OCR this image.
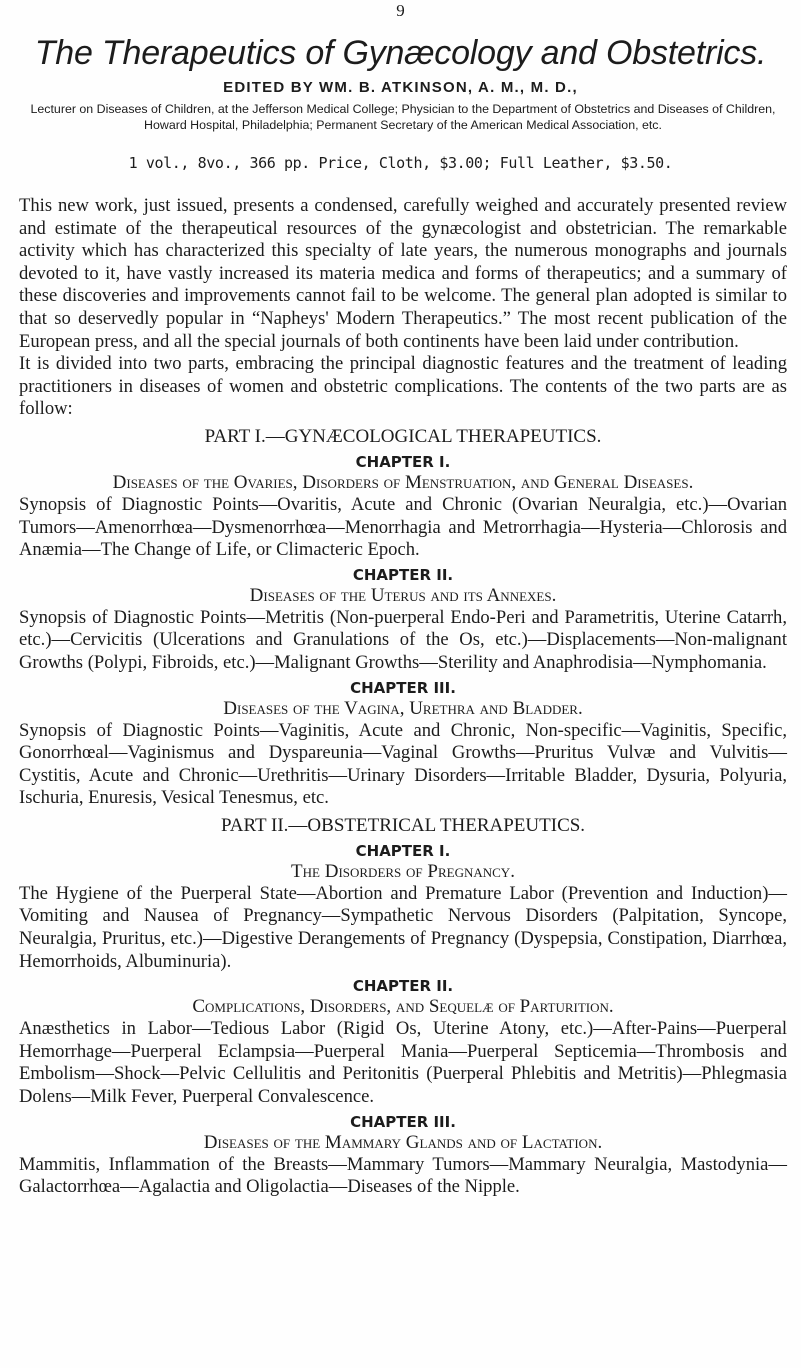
9
The Therapeutics of Gynæcology and Obstetrics.
EDITED BY WM. B. ATKINSON, A. M., M. D.,
Lecturer on Diseases of Children, at the Jefferson Medical College; Physician to the Department of Obstetrics and Diseases of Children, Howard Hospital, Philadelphia; Permanent Secretary of the American Medical Association, etc.
1 vol., 8vo., 366 pp. Price, Cloth, $3.00; Full Leather, $3.50.

This new work, just issued, presents a condensed, carefully weighed and accurately presented review and estimate of the therapeutical resources of the gynæcologist and obstetrician. The remarkable activity which has characterized this specialty of late years, the numerous monographs and journals devoted to it, have vastly increased its materia medica and forms of therapeutics; and a summary of these discoveries and improvements cannot fail to be welcome. The general plan adopted is similar to that so deservedly popular in “Napheys' Modern Therapeutics.” The most recent publication of the European press, and all the special journals of both continents have been laid under contribution.

It is divided into two parts, embracing the principal diagnostic features and the treatment of leading practitioners in diseases of women and obstetric complications. The contents of the two parts are as follow:

PART I.—GYNÆCOLOGICAL THERAPEUTICS.
CHAPTER I.
Diseases of the Ovaries, Disorders of Menstruation, and General Diseases.

Synopsis of Diagnostic Points—Ovaritis, Acute and Chronic (Ovarian Neuralgia, etc.)—Ovarian Tumors—Amenorrhœa—Dysmenorrhœa—Menorrhagia and Metrorrhagia—Hysteria—Chlorosis and Anæmia—The Change of Life, or Climacteric Epoch.

CHAPTER II.
Diseases of the Uterus and its Annexes.

Synopsis of Diagnostic Points—Metritis (Non-puerperal Endo-Peri and Parametritis, Uterine Catarrh, etc.)—Cervicitis (Ulcerations and Granulations of the Os, etc.)—Displacements—Non-malignant Growths (Polypi, Fibroids, etc.)—Malignant Growths—Sterility and Anaphrodisia—Nymphomania.

CHAPTER III.
Diseases of the Vagina, Urethra and Bladder.

Synopsis of Diagnostic Points—Vaginitis, Acute and Chronic, Non-specific—Vaginitis, Specific, Gonorrhœal—Vaginismus and Dyspareunia—Vaginal Growths—Pruritus Vulvæ and Vulvitis—Cystitis, Acute and Chronic—Urethritis—Urinary Disorders—Irritable Bladder, Dysuria, Polyuria, Ischuria, Enuresis, Vesical Tenesmus, etc.

PART II.—OBSTETRICAL THERAPEUTICS.
CHAPTER I.
The Disorders of Pregnancy.

The Hygiene of the Puerperal State—Abortion and Premature Labor (Prevention and Induction)—Vomiting and Nausea of Pregnancy—Sympathetic Nervous Disorders (Palpitation, Syncope, Neuralgia, Pruritus, etc.)—Digestive Derangements of Pregnancy (Dyspepsia, Constipation, Diarrhœa, Hemorrhoids, Albuminuria).

CHAPTER II.
Complications, Disorders, and Sequelæ of Parturition.

Anæsthetics in Labor—Tedious Labor (Rigid Os, Uterine Atony, etc.)—After-Pains—Puerperal Hemorrhage—Puerperal Eclampsia—Puerperal Mania—Puerperal Septicemia—Thrombosis and Embolism—Shock—Pelvic Cellulitis and Peritonitis (Puerperal Phlebitis and Metritis)—Phlegmasia Dolens—Milk Fever, Puerperal Convalescence.

CHAPTER III.
Diseases of the Mammary Glands and of Lactation.

Mammitis, Inflammation of the Breasts—Mammary Tumors—Mammary Neuralgia, Mastodynia—Galactorrhœa—Agalactia and Oligolactia—Diseases of the Nipple.
